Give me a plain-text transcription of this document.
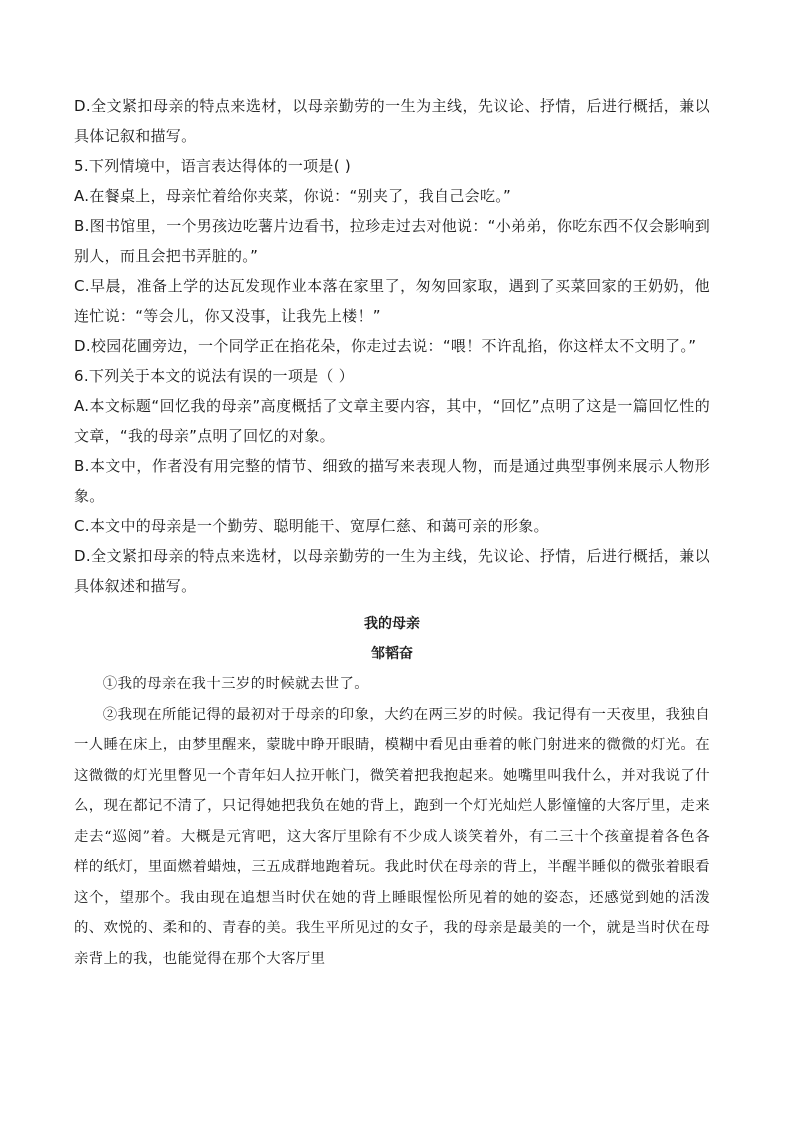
D.全文紧扣母亲的特点来选材，以母亲勤劳的一生为主线，先议论、抒情，后进行概括，兼以具体记叙和描写。

5.下列情境中，语言表达得体的一项是( )

A.在餐桌上，母亲忙着给你夹菜，你说：“别夹了，我自己会吃。”

B.图书馆里，一个男孩边吃薯片边看书，拉珍走过去对他说：“小弟弟，你吃东西不仅会影响到别人，而且会把书弄脏的。”

C.早晨，准备上学的达瓦发现作业本落在家里了，匆匆回家取，遇到了买菜回家的王奶奶，他连忙说：“等会儿，你又没事，让我先上楼！”

D.校园花圃旁边，一个同学正在掐花朵，你走过去说：“喂！不许乱掐，你这样太不文明了。”

6.下列关于本文的说法有误的一项是（ ）

A.本文标题“回忆我的母亲”高度概括了文章主要内容，其中，“回忆”点明了这是一篇回忆性的文章，“我的母亲”点明了回忆的对象。

B.本文中，作者没有用完整的情节、细致的描写来表现人物，而是通过典型事例来展示人物形象。

C.本文中的母亲是一个勤劳、聪明能干、宽厚仁慈、和蔼可亲的形象。

D.全文紧扣母亲的特点来选材，以母亲勤劳的一生为主线，先议论、抒情，后进行概括，兼以具体叙述和描写。

我的母亲

邹韬奋

①我的母亲在我十三岁的时候就去世了。

②我现在所能记得的最初对于母亲的印象，大约在两三岁的时候。我记得有一天夜里，我独自一人睡在床上，由梦里醒来，蒙眬中睁开眼睛，模糊中看见由垂着的帐门射进来的微微的灯光。在这微微的灯光里瞥见一个青年妇人拉开帐门，微笑着把我抱起来。她嘴里叫我什么，并对我说了什么，现在都记不清了，只记得她把我负在她的背上，跑到一个灯光灿烂人影憧憧的大客厅里，走来走去“巡阅”着。大概是元宵吧，这大客厅里除有不少成人谈笑着外，有二三十个孩童提着各色各样的纸灯，里面燃着蜡烛，三五成群地跑着玩。我此时伏在母亲的背上，半醒半睡似的微张着眼看这个，望那个。我由现在追想当时伏在她的背上睡眼惺忪所见着的她的姿态，还感觉到她的活泼的、欢悦的、柔和的、青春的美。我生平所见过的女子，我的母亲是最美的一个，就是当时伏在母亲背上的我，也能觉得在那个大客厅里
